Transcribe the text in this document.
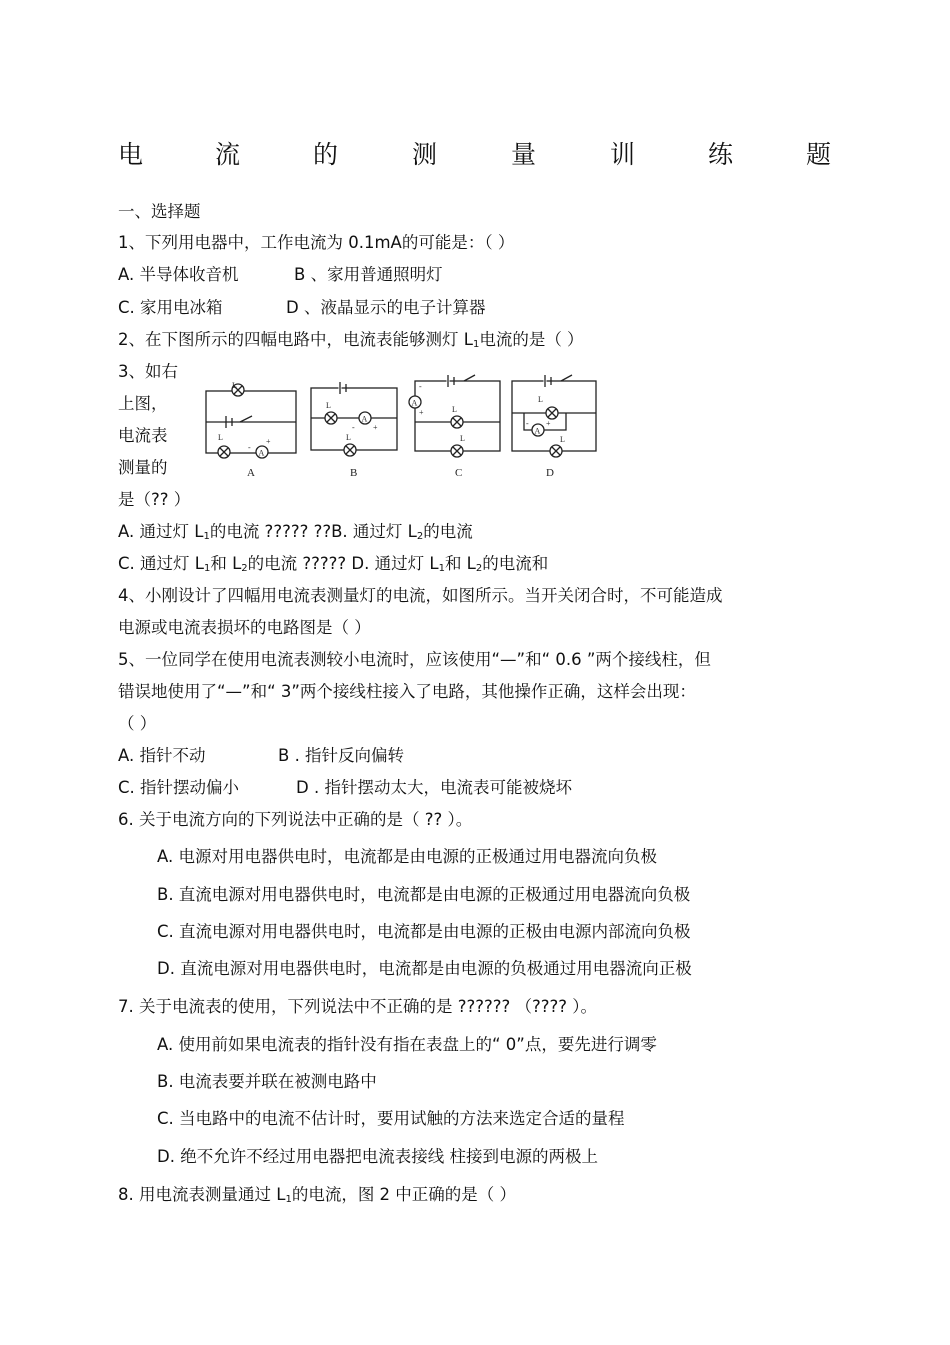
电	流	的	测	量	训	练	题
一、选择题
1、下列用电器中，工作电流为 0.1mA的可能是：（ ）
A. 半导体收音机	B 、家用普通照明灯
C. 家用电冰箱	D 、液晶显示的电子计算器
2、在下图所示的四幅电路中，电流表能够测灯 $L_1$电流的是（ ）
3、如右
上图，
电流表
测量的
是（?? ）
A
L
L	+
-
A
A
L
L
+
-
B
A
L
L
+
-
C
A
L
L
- +
D
A. 通过灯 $L_1$的电流 ????? ??B. 通过灯 $L_2$的电流
C. 通过灯 $L_1$和 $L_2$的电流 ????? D. 通过灯 $L_1$和 $L_2$的电流和
4、小刚设计了四幅用电流表测量灯的电流，如图所示。当开关闭合时，不可能造成
电源或电流表损坏的电路图是（ ）
5、一位同学在使用电流表测较小电流时，应该使用“—”和“ 0.6 ”两个接线柱，但
错误地使用了“—”和“ 3”两个接线柱接入了电路，其他操作正确，这样会出现：
（ ）
A. 指针不动	B . 指针反向偏转
C. 指针摆动偏小	D . 指针摆动太大，电流表可能被烧坏
6. 关于电流方向的下列说法中正确的是（ ?? ）。
A. 电源对用电器供电时，电流都是由电源的正极通过用电器流向负极
B. 直流电源对用电器供电时，电流都是由电源的正极通过用电器流向负极
C. 直流电源对用电器供电时，电流都是由电源的正极由电源内部流向负极
D. 直流电源对用电器供电时，电流都是由电源的负极通过用电器流向正极
7. 关于电流表的使用，下列说法中不正确的是 ?????? （???? ）。
A. 使用前如果电流表的指针没有指在表盘上的“ 0”点，要先进行调零
B. 电流表要并联在被测电路中
C. 当电路中的电流不估计时，要用试触的方法来选定合适的量程
D. 绝不允许不经过用电器把电流表接线 柱接到电源的两极上
8. 用电流表测量通过 $L_1$的电流，图 2 中正确的是（ ）
